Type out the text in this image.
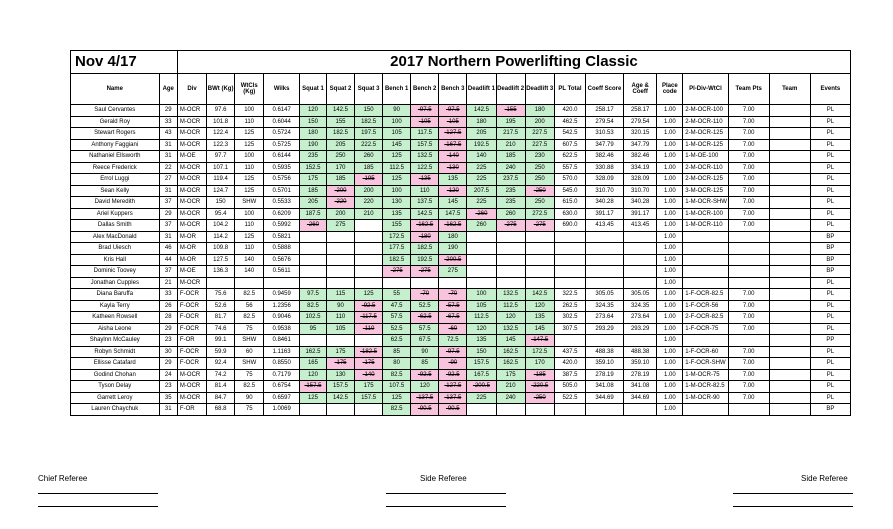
Nov 4/17		2017 Northern Powerlifting Classic																				
Name	Age	Div	BWt (Kg)	WtCls (Kg)	Wilks	Squat 1	Squat 2	Squat 3	Bench 1	Bench 2	Bench 3	Deadlift 1	Deadlift 2	Deadlift 3	PL Total	Coeff Score	Age & Coeff	Place code	Pl-Div-WtCl	Team Pts	Team	Events
Saul Cervantes	29	M-OCR	97.6	100	0.6147	120	142.5	150	90	-97.5	-97.5	142.5	-155	180	420.0	258.17	258.17	1.00	2-M-OCR-100	7.00		PL
Gerald Roy	33	M-OCR	101.8	110	0.6044	150	155	182.5	100	-105	-105	180	195	200	462.5	279.54	279.54	1.00	2-M-OCR-110	7.00		PL
Stewart Rogers	43	M-OCR	122.4	125	0.5724	180	182.5	197.5	105	117.5	-127.5	205	217.5	227.5	542.5	310.53	320.15	1.00	2-M-OCR-125	7.00		PL
Anthony Faggiani	31	M-OCR	122.3	125	0.5725	190	205	222.5	145	157.5	-167.5	192.5	210	227.5	607.5	347.79	347.79	1.00	1-M-OCR-125	7.00		PL
Nathaniel Ellsworth	31	M-OE	97.7	100	0.6144	235	250	260	125	132.5	-140	140	185	230	622.5	382.46	382.46	1.00	1-M-OE-100	7.00		PL
Reece Frederick	22	M-OCR	107.1	110	0.5935	152.5	170	185	112.5	122.5	-130	225	240	250	557.5	330.88	334.19	1.00	2-M-OCR-110	7.00		PL
Errol Luggi	27	M-OCR	119.4	125	0.5756	175	185	-195	125	-135	135	225	237.5	250	570.0	328.09	328.09	1.00	2-M-OCR-125	7.00		PL
Sean Kelly	31	M-OCR	124.7	125	0.5701	185	-200	200	100	110	-120	207.5	235	-250	545.0	310.70	310.70	1.00	3-M-OCR-125	7.00		PL
David Meredith	37	M-OCR	150	SHW	0.5533	205	-220	220	130	137.5	145	225	235	250	615.0	340.28	340.28	1.00	1-M-OCR-SHW	7.00		PL
Ariel Kuppers	29	M-OCR	95.4	100	0.6209	187.5	200	210	135	142.5	147.5	-260	260	272.5	630.0	391.17	391.17	1.00	1-M-OCR-100	7.00		PL
Dallas Smith	37	M-OCR	104.2	110	0.5992	-260	275		155	-162.5	-162.5	260	-275	-275	690.0	413.45	413.45	1.00	1-M-OCR-110	7.00		PL
Alex MacDonald	31	M-OR	114.2	125	0.5821				172.5	-180	180							1.00				BP
Brad Uiesch	46	M-OR	109.8	110	0.5888				177.5	182.5	190							1.00				BP
Kris Hall	44	M-OR	127.5	140	0.5676				182.5	192.5	-200.5							1.00				BP
Dominic Toovey	37	M-OE	136.3	140	0.5611				-275	-275	275							1.00				BP
Jonathan Cupples	21	M-OCR																1.00				PL
Diana Baruffa	33	F-OCR	75.6	82.5	0.9459	97.5	115	125	55	-70	-70	100	132.5	142.5	322.5	305.05	305.05	1.00	1-F-OCR-82.5	7.00		PL
Kayla Terry	26	F-OCR	52.6	56	1.2356	82.5	90	-92.5	47.5	52.5	-57.5	105	112.5	120	262.5	324.35	324.35	1.00	1-F-OCR-56	7.00		PL
Katheen Rowsell	28	F-OCR	81.7	82.5	0.9046	102.5	110	-117.5	57.5	-62.5	-67.5	112.5	120	135	302.5	273.64	273.64	1.00	2-F-OCR-82.5	7.00		PL
Aisha Leone	29	F-OCR	74.6	75	0.9538	95	105	-110	52.5	57.5	-60	120	132.5	145	307.5	293.29	293.29	1.00	1-F-OCR-75	7.00		PL
Shaylnn McCauley	23	F-OR	99.1	SHW	0.8461				62.5	67.5	72.5	135	145	-147.5				1.00				PP
Robyn Schmidt	30	F-OCR	59.9	60	1.1163	162.5	175	-182.5	85	90	-97.5	150	162.5	172.5	437.5	488.38	488.38	1.00	1-F-OCR-60	7.00		PL
Ellisse Catafard	29	F-OCR	92.4	SHW	0.8550	165	-175	-175	80	85	-90	157.5	162.5	170	420.0	359.10	359.10	1.00	1-F-OCR-SHW	7.00		PL
Godind Chohan	24	M-OCR	74.2	75	0.7179	120	130	-140	82.5	-92.5	-92.5	167.5	175	-185	387.5	278.19	278.19	1.00	1-M-OCR-75	7.00		PL
Tyson Delay	23	M-OCR	81.4	82.5	0.6754	-157.5	157.5	175	107.5	120	-127.5	-200.5	210	-220.5	505.0	341.08	341.08	1.00	1-M-OCR-82.5	7.00		PL
Garrett Leroy	35	M-OCR	84.7	90	0.6597	125	142.5	157.5	125	-137.5	-137.5	225	240	-250	522.5	344.69	344.69	1.00	1-M-OCR-90	7.00		PL
Lauren Chaychuk	31	F-OR	68.8	75	1.0069				82.5	-90.5	-90.5							1.00				BP
Chief Referee	Side Referee	Side Referee
